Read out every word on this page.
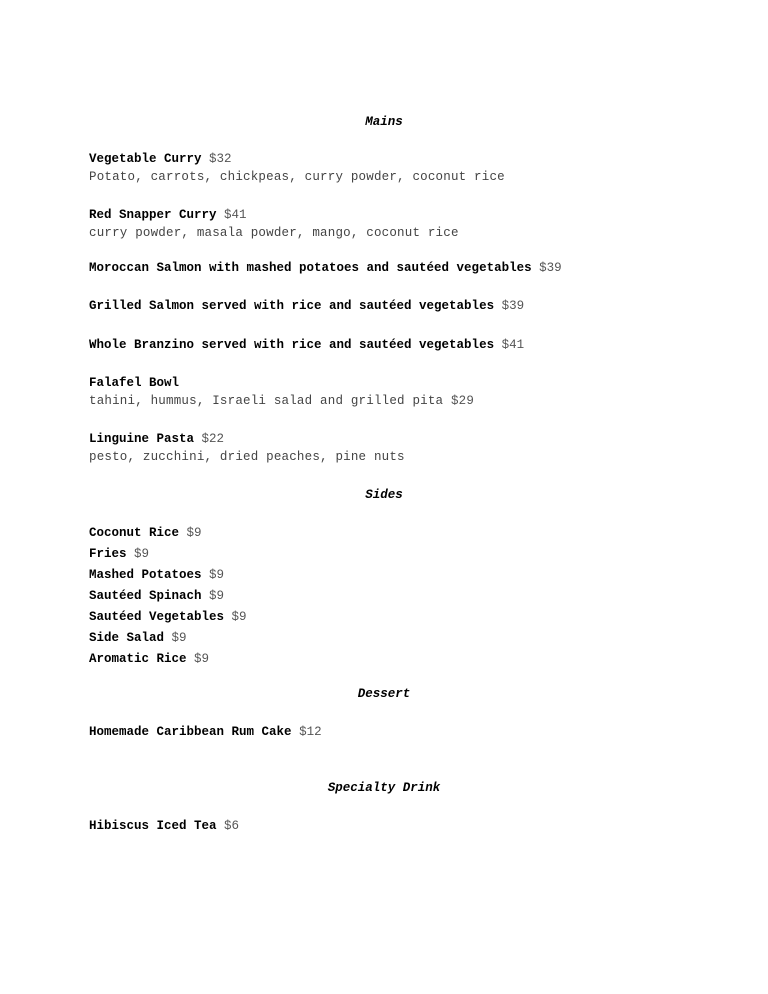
Mains
Vegetable Curry $32
Potato, carrots, chickpeas, curry powder, coconut rice
Red Snapper Curry $41
curry powder, masala powder, mango, coconut rice
Moroccan Salmon with mashed potatoes and sautéed vegetables $39
Grilled Salmon served with rice and sautéed vegetables $39
Whole Branzino served with rice and sautéed vegetables $41
Falafel Bowl
tahini, hummus, Israeli salad and grilled pita $29
Linguine Pasta $22
pesto, zucchini, dried peaches, pine nuts
Sides
Coconut Rice $9
Fries $9
Mashed Potatoes $9
Sautéed Spinach $9
Sautéed Vegetables $9
Side Salad $9
Aromatic Rice $9
Dessert
Homemade Caribbean Rum Cake $12
Specialty Drink
Hibiscus Iced Tea $6
